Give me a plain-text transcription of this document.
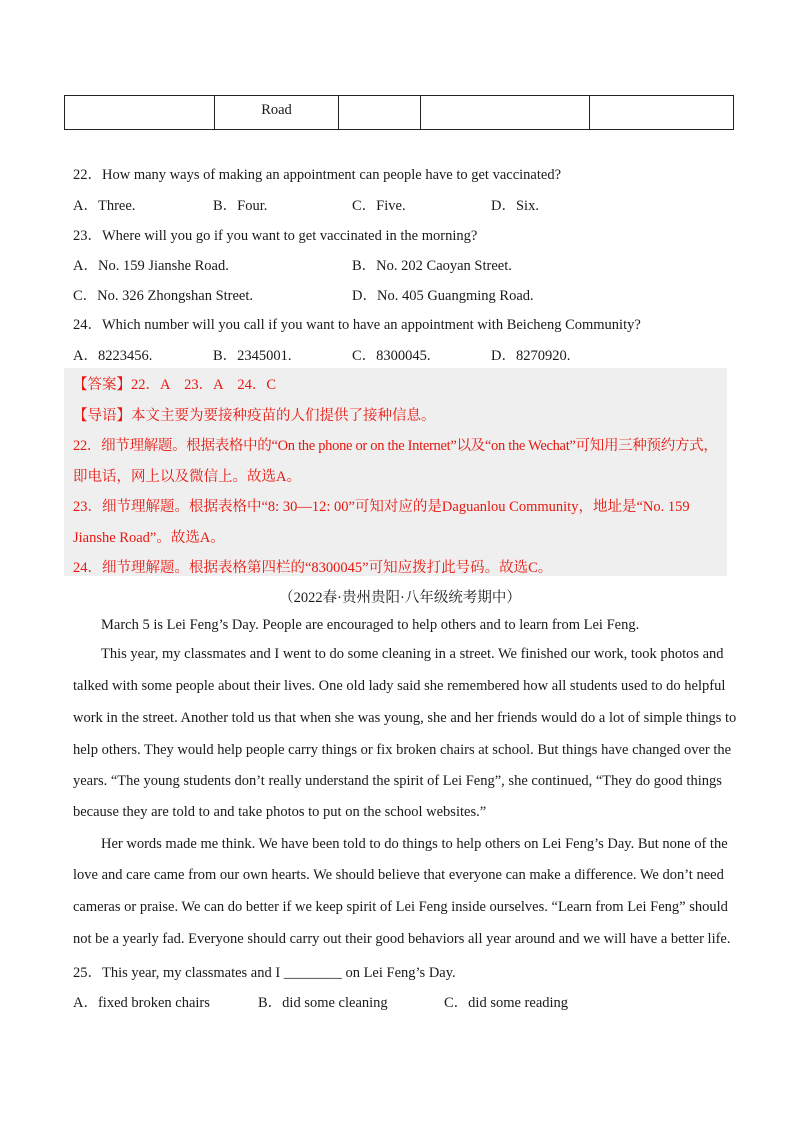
Road
22．How many ways of making an appointment can people have to get vaccinated?
A．Three.	B．Four.	C．Five.	D．Six.
23．Where will you go if you want to get vaccinated in the morning?
A．No. 159 Jianshe Road.	B．No. 202 Caoyan Street.
C．No. 326 Zhongshan Street.	D．No. 405 Guangming Road.
24．Which number will you call if you want to have an appointment with Beicheng Community?
A．8223456.	B．2345001.	C．8300045.	D．8270920.
【答案】22．A　23．A　24．C
【导语】本文主要为要接种疫苗的人们提供了接种信息。
22．细节理解题。根据表格中的“On the phone or on the Internet”以及“on the Wechat”可知用三种预约方式，
即电话，网上以及微信上。故选A。
23．细节理解题。根据表格中“8: 30—12: 00”可知对应的是Daguanlou Community，地址是“No. 159
Jianshe Road”。故选A。
24．细节理解题。根据表格第四栏的“8300045”可知应拨打此号码。故选C。
（2022春·贵州贵阳·八年级统考期中）
March 5 is Lei Feng’s Day. People are encouraged to help others and to learn from Lei Feng.
This year, my classmates and I went to do some cleaning in a street. We finished our work, took photos and
talked with some people about their lives. One old lady said she remembered how all students used to do helpful
work in the street. Another told us that when she was young, she and her friends would do a lot of simple things to
help others. They would help people carry things or fix broken chairs at school. But things have changed over the
years. “The young students don’t really understand the spirit of Lei Feng”, she continued, “They do good things
because they are told to and take photos to put on the school websites.”
Her words made me think. We have been told to do things to help others on Lei Feng’s Day. But none of the
love and care came from our own hearts. We should believe that everyone can make a difference. We don’t need
cameras or praise. We can do better if we keep spirit of Lei Feng inside ourselves. “Learn from Lei Feng” should
not be a yearly fad. Everyone should carry out their good behaviors all year around and we will have a better life.
25．This year, my classmates and I ________ on Lei Feng’s Day.
A．fixed broken chairs	B．did some cleaning	C．did some reading
